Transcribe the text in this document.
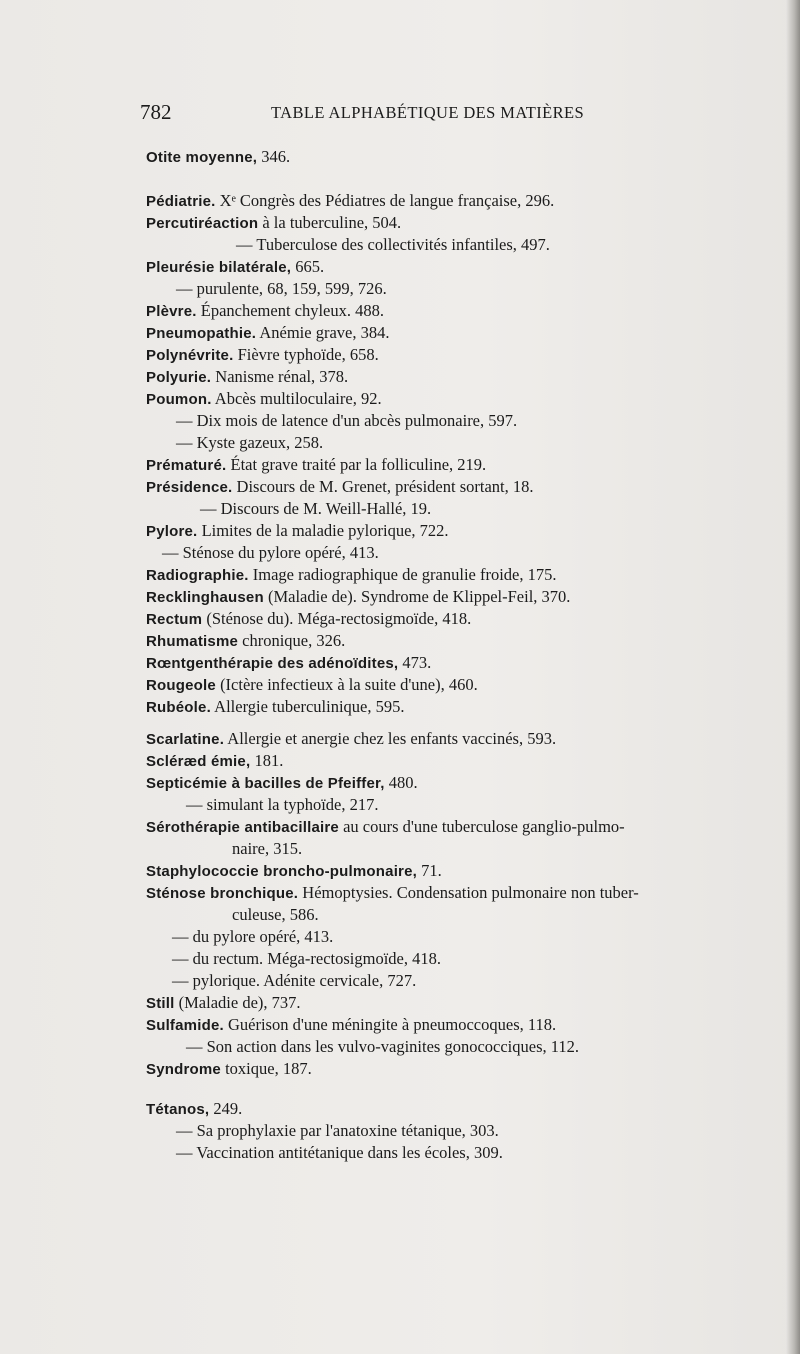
782	TABLE ALPHABÉTIQUE DES MATIÈRES
Otite moyenne, 346.
Pédiatrie. Xᵉ Congrès des Pédiatres de langue française, 296.
Percutiréaction à la tuberculine, 504.
— Tuberculose des collectivités infantiles, 497.
Pleurésie bilatérale, 665.
— purulente, 68, 159, 599, 726.
Plèvre. Épanchement chyleux. 488.
Pneumopathie. Anémie grave, 384.
Polynévrite. Fièvre typhoïde, 658.
Polyurie. Nanisme rénal, 378.
Poumon. Abcès multiloculaire, 92.
— Dix mois de latence d'un abcès pulmonaire, 597.
— Kyste gazeux, 258.
Prématuré. État grave traité par la folliculine, 219.
Présidence. Discours de M. Grenet, président sortant, 18.
— Discours de M. Weill-Hallé, 19.
Pylore. Limites de la maladie pylorique, 722.
— Sténose du pylore opéré, 413.
Radiographie. Image radiographique de granulie froide, 175.
Recklinghausen (Maladie de). Syndrome de Klippel-Feil, 370.
Rectum (Sténose du). Méga-rectosigmoïde, 418.
Rhumatisme chronique, 326.
Rœntgenthérapie des adénoïdites, 473.
Rougeole (Ictère infectieux à la suite d'une), 460.
Rubéole. Allergie tuberculinique, 595.
Scarlatine. Allergie et anergie chez les enfants vaccinés, 593.
Scléræd émie, 181.
Septicémie à bacilles de Pfeiffer, 480.
— simulant la typhoïde, 217.
Sérothérapie antibacillaire au cours d'une tuberculose ganglio-pulmo-
naire, 315.
Staphylococcie broncho-pulmonaire, 71.
Sténose bronchique. Hémoptysies. Condensation pulmonaire non tuber-
culeuse, 586.
— du pylore opéré, 413.
— du rectum. Méga-rectosigmoïde, 418.
— pylorique. Adénite cervicale, 727.
Still (Maladie de), 737.
Sulfamide. Guérison d'une méningite à pneumoccoques, 118.
— Son action dans les vulvo-vaginites gonococciques, 112.
Syndrome toxique, 187.
Tétanos, 249.
— Sa prophylaxie par l'anatoxine tétanique, 303.
— Vaccination antitétanique dans les écoles, 309.
